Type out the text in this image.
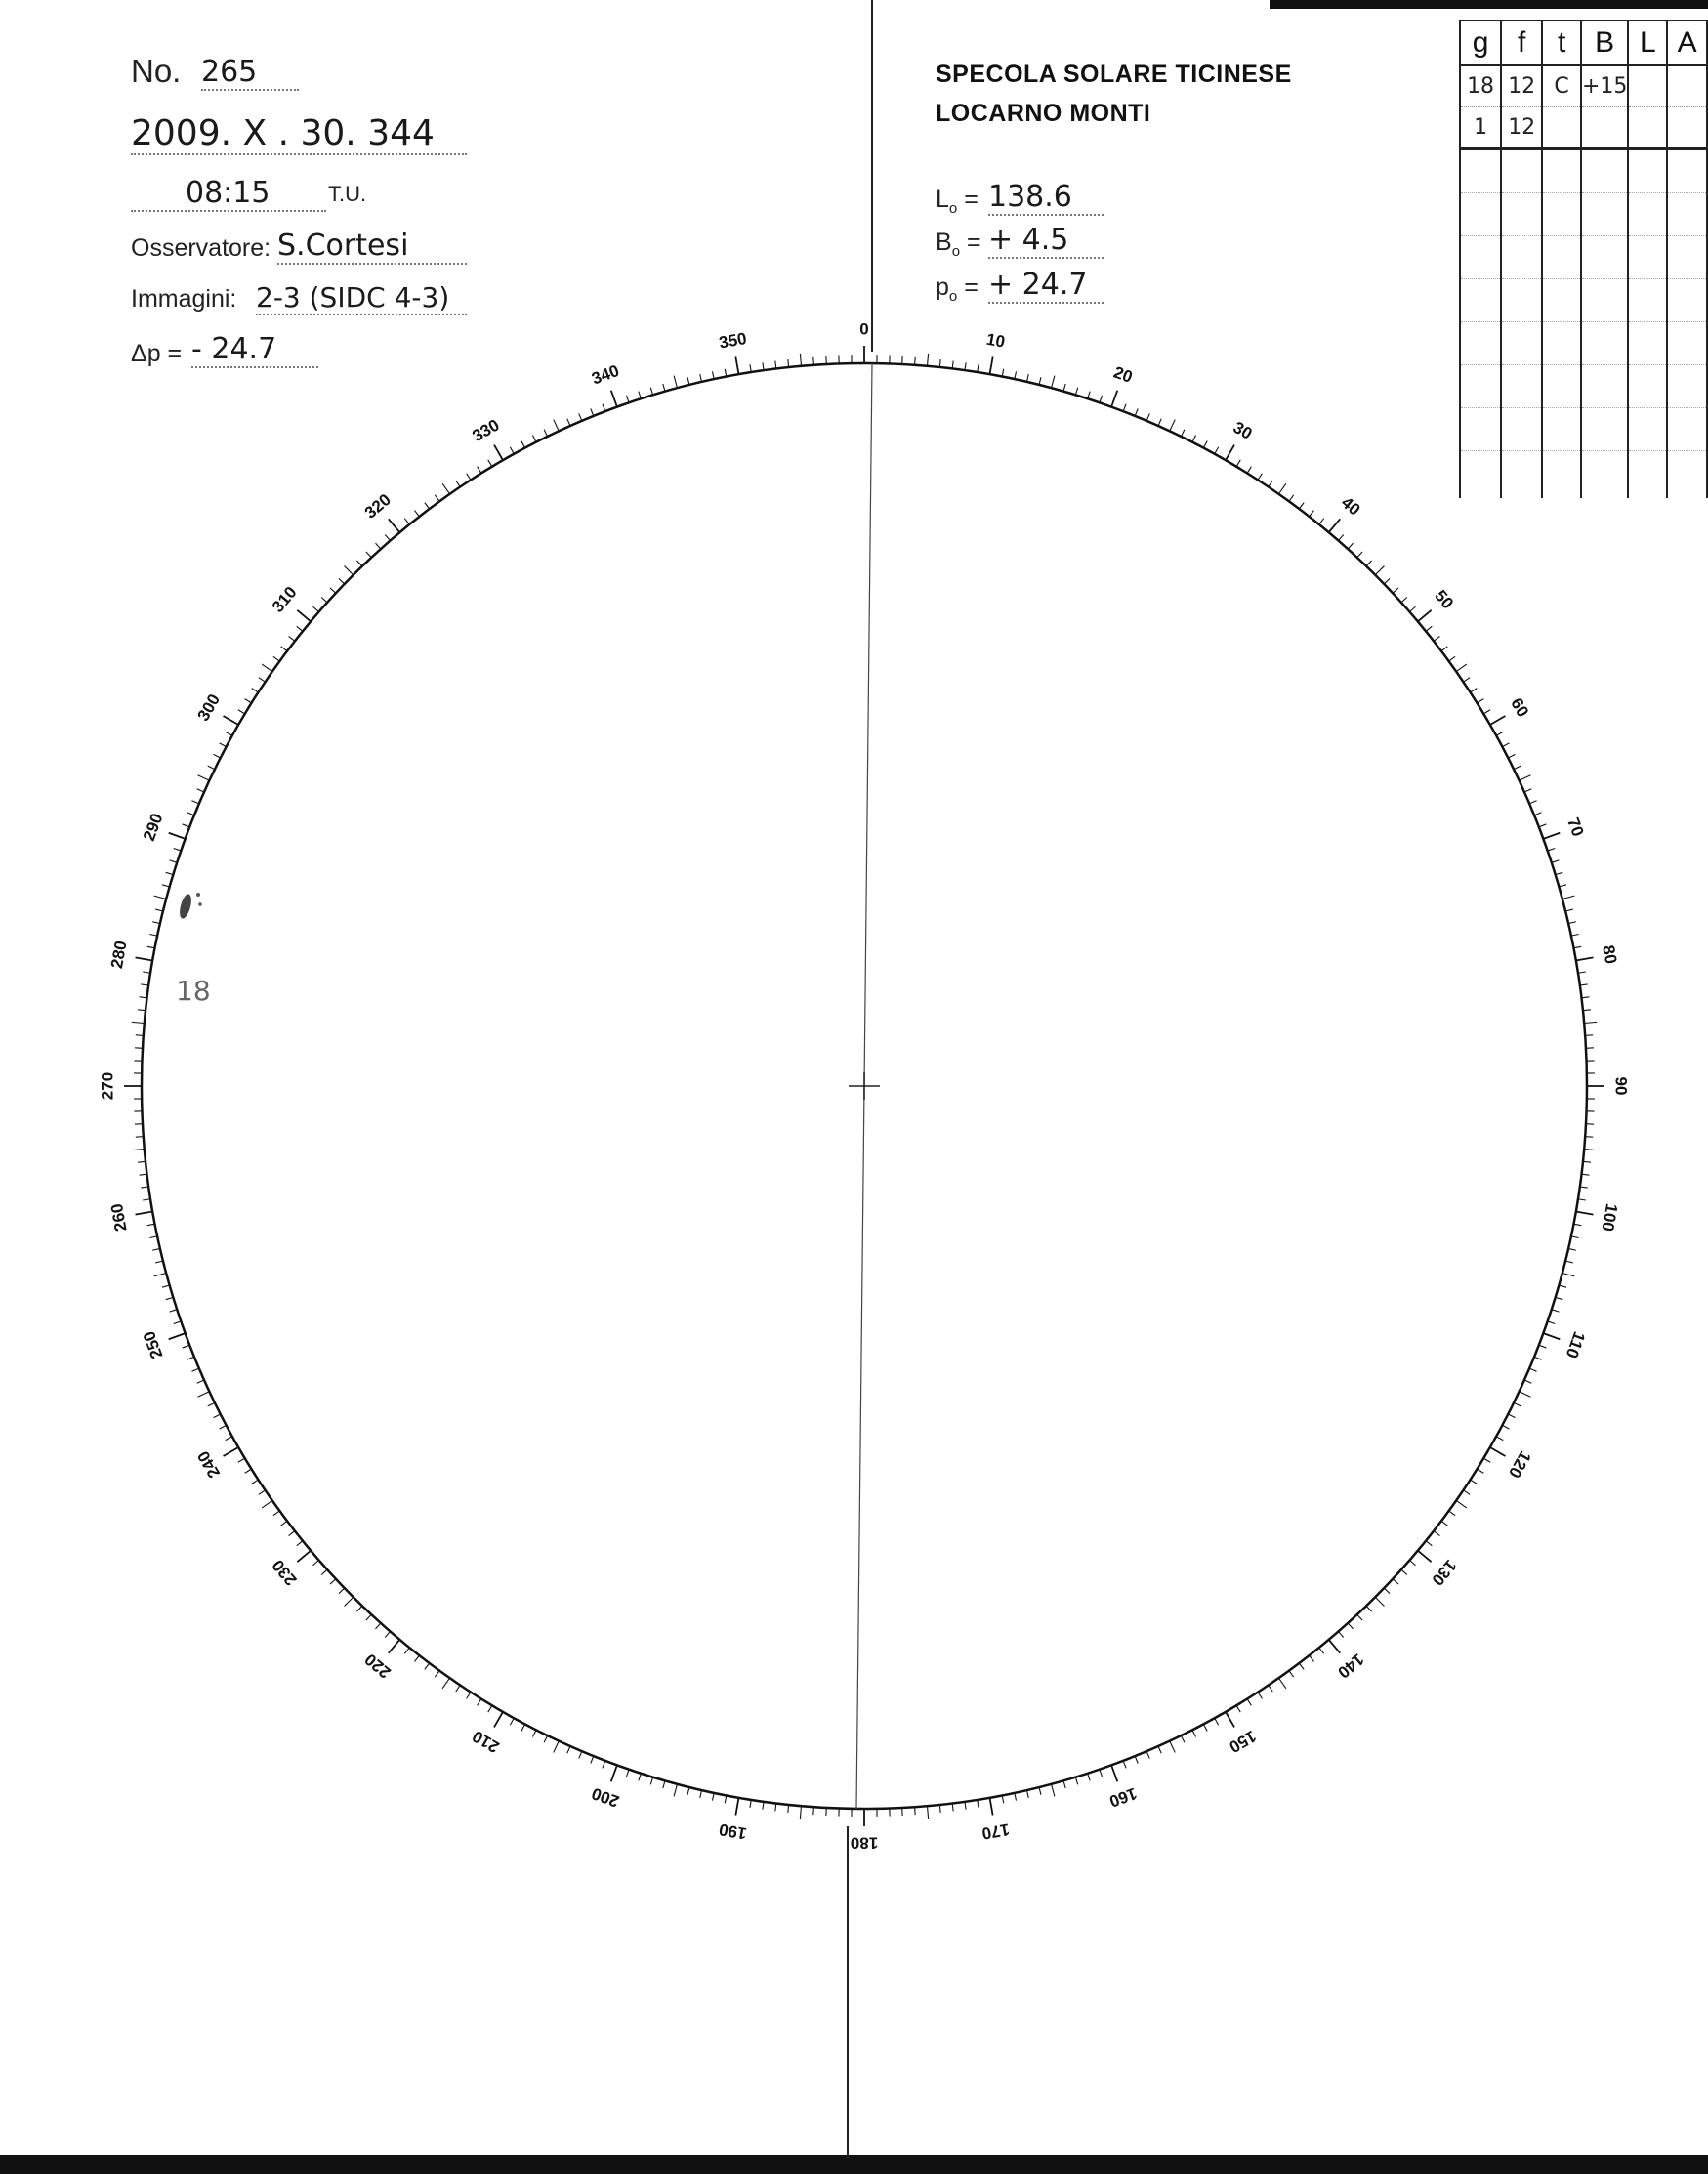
No. 265
2009. X . 30. 344
08:15	T.U.
Osservatore: S.Cortesi
Immagini: 2-3 (SIDC 4-3)
Δp = - 24.7
SPECOLA SOLARE TICINESE
LOCARNO MONTI
$L_o = 138.6$
$B_o$ = + 4.5
$p_o$ = + 24.7
g	f	t	B	L	A
18	12	C	+15		
1	12				

0
10
20
30
40
50
60
70
80
90
100
110
120
130
140
150
160
170
180
190
200
210
220
230
240
250
260
270
280
290
300
310
320
330
340
350
18
